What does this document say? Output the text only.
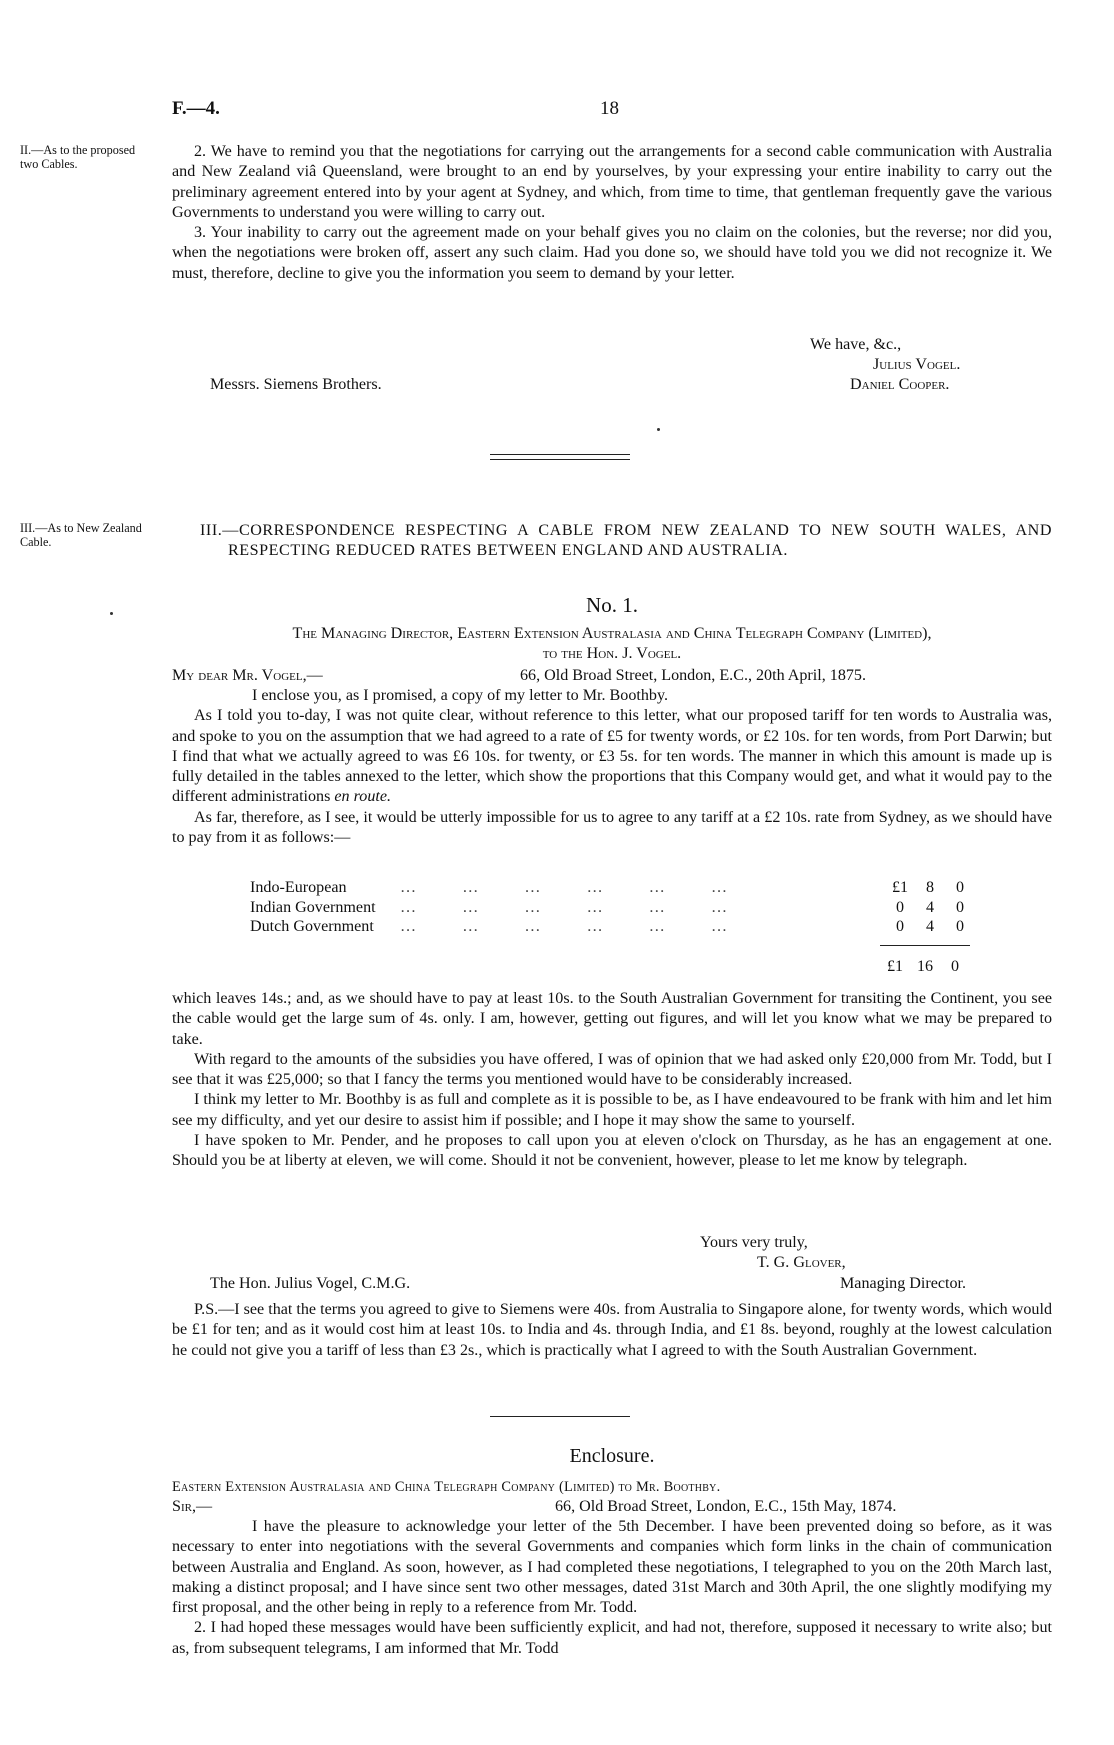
F.—4.	18
II.—As to the proposed two Cables.
III.—As to New Zealand Cable.

2. We have to remind you that the negotiations for carrying out the arrangements for a second cable communication with Australia and New Zealand viâ Queensland, were brought to an end by yourselves, by your expressing your entire inability to carry out the preliminary agreement entered into by your agent at Sydney, and which, from time to time, that gentleman frequently gave the various Governments to understand you were willing to carry out.

3. Your inability to carry out the agreement made on your behalf gives you no claim on the colonies, but the reverse; nor did you, when the negotiations were broken off, assert any such claim. Had you done so, we should have told you we did not recognize it. We must, therefore, decline to give you the information you seem to demand by your letter.

We have, &c.,
Julius Vogel.
Messrs. Siemens Brothers.	Daniel Cooper.
III.—CORRESPONDENCE RESPECTING A CABLE FROM NEW ZEALAND TO NEW SOUTH WALES, AND RESPECTING REDUCED RATES BETWEEN ENGLAND AND AUSTRALIA.
No. 1.

The Managing Director, Eastern Extension Australasia and China Telegraph Company (Limited),

to the Hon. J. Vogel.

My dear Mr. Vogel,—	66, Old Broad Street, London, E.C., 20th April, 1875.

I enclose you, as I promised, a copy of my letter to Mr. Boothby.

As I told you to-day, I was not quite clear, without reference to this letter, what our proposed tariff for ten words to Australia was, and spoke to you on the assumption that we had agreed to a rate of £5 for twenty words, or £2 10s. for ten words, from Port Darwin; but I find that what we actually agreed to was £6 10s. for twenty, or £3 5s. for ten words. The manner in which this amount is made up is fully detailed in the tables annexed to the letter, which show the proportions that this Company would get, and what it would pay to the different administrations en route.

As far, therefore, as I see, it would be utterly impossible for us to agree to any tariff at a £2 10s. rate from Sydney, as we should have to pay from it as follows:—

Indo-European	…    …    …    …    …    …	£1	8	0
Indian Government	…    …    …    …    …    …	0	4	0
Dutch Government	…    …    …    …    …    …	0	4	0
£1 16	0

which leaves 14s.; and, as we should have to pay at least 10s. to the South Australian Government for transiting the Continent, you see the cable would get the large sum of 4s. only. I am, however, getting out figures, and will let you know what we may be prepared to take.

With regard to the amounts of the subsidies you have offered, I was of opinion that we had asked only £20,000 from Mr. Todd, but I see that it was £25,000; so that I fancy the terms you mentioned would have to be considerably increased.

I think my letter to Mr. Boothby is as full and complete as it is possible to be, as I have endeavoured to be frank with him and let him see my difficulty, and yet our desire to assist him if possible; and I hope it may show the same to yourself.

I have spoken to Mr. Pender, and he proposes to call upon you at eleven o'clock on Thursday, as he has an engagement at one. Should you be at liberty at eleven, we will come. Should it not be convenient, however, please to let me know by telegraph.

Yours very truly,
T. G. Glover,
The Hon. Julius Vogel, C.M.G.	Managing Director.

P.S.—I see that the terms you agreed to give to Siemens were 40s. from Australia to Singapore alone, for twenty words, which would be £1 for ten; and as it would cost him at least 10s. to India and 4s. through India, and £1 8s. beyond, roughly at the lowest calculation he could not give you a tariff of less than £3 2s., which is practically what I agreed to with the South Australian Government.

Enclosure.

Eastern Extension Australasia and China Telegraph Company (Limited) to Mr. Boothby.

Sir,—	66, Old Broad Street, London, E.C., 15th May, 1874.

I have the pleasure to acknowledge your letter of the 5th December. I have been prevented doing so before, as it was necessary to enter into negotiations with the several Governments and companies which form links in the chain of communication between Australia and England. As soon, however, as I had completed these negotiations, I telegraphed to you on the 20th March last, making a distinct proposal; and I have since sent two other messages, dated 31st March and 30th April, the one slightly modifying my first proposal, and the other being in reply to a reference from Mr. Todd.

2. I had hoped these messages would have been sufficiently explicit, and had not, therefore, supposed it necessary to write also; but as, from subsequent telegrams, I am informed that Mr. Todd
